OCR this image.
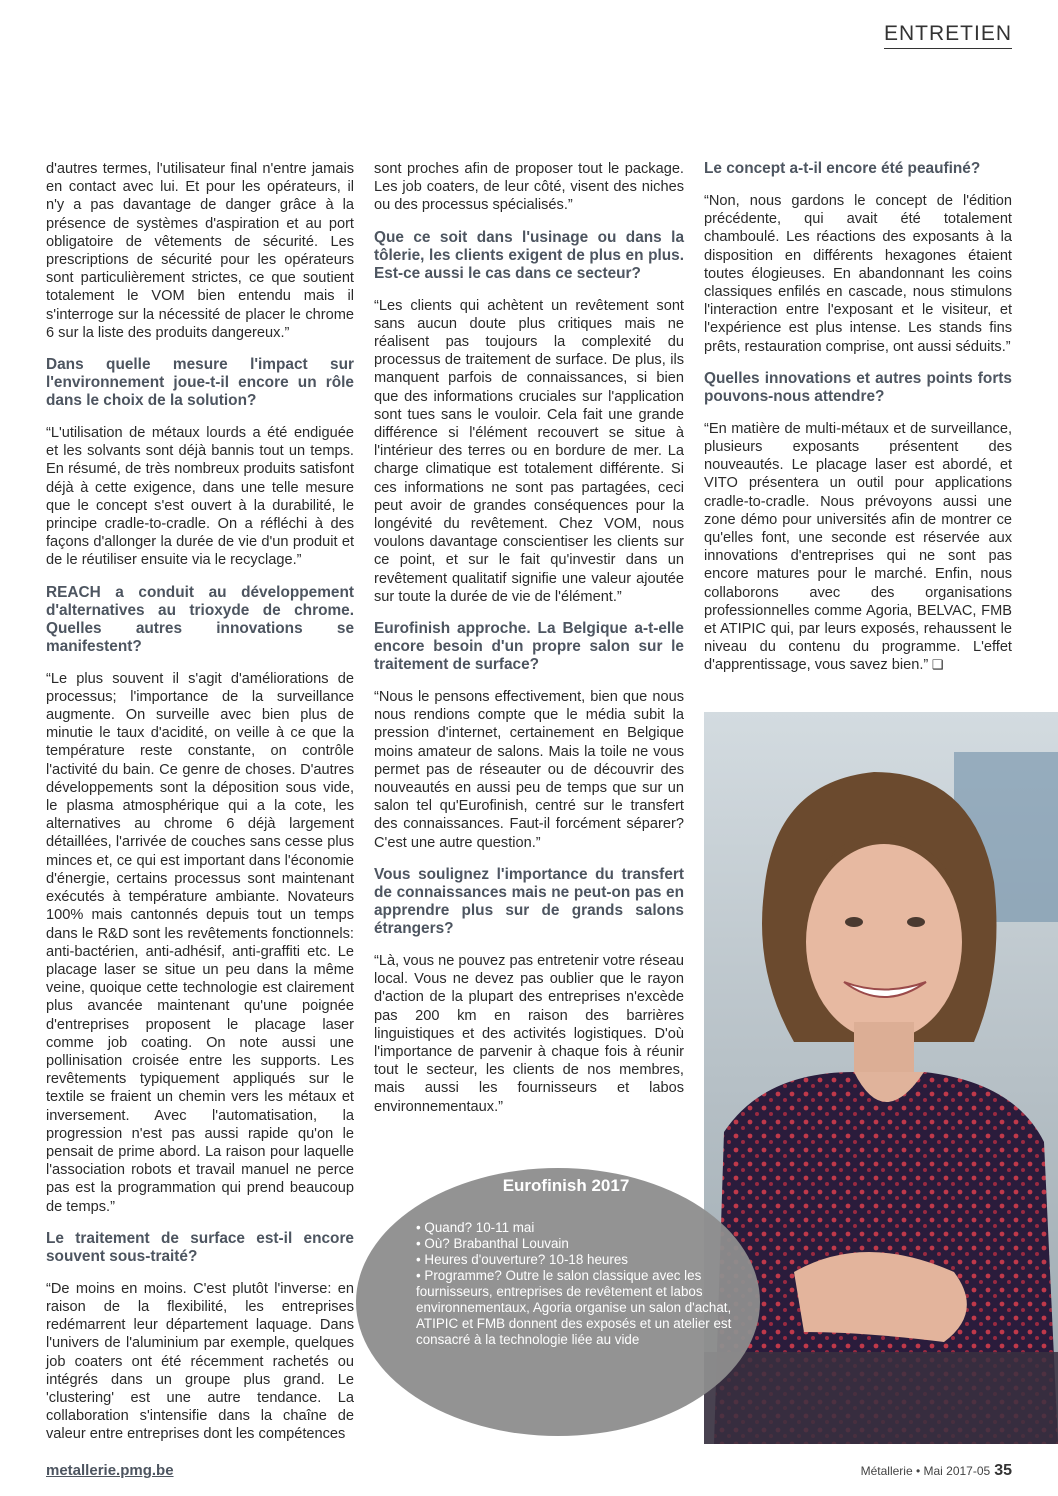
ENTRETIEN

d'autres termes, l'utilisateur final n'entre jamais en contact avec lui. Et pour les opérateurs, il n'y a pas davantage de danger grâce à la présence de systèmes d'aspiration et au port obligatoire de vêtements de sécurité. Les prescriptions de sécurité pour les opérateurs sont particulièrement strictes, ce que soutient totalement le VOM bien entendu mais il s'interroge sur la nécessité de placer le chrome 6 sur la liste des produits dangereux.”

Dans quelle mesure l'impact sur l'environnement joue-t-il encore un rôle dans le choix de la solution?

“L'utilisation de métaux lourds a été endiguée et les solvants sont déjà bannis tout un temps. En résumé, de très nombreux produits satisfont déjà à cette exigence, dans une telle mesure que le concept s'est ouvert à la durabilité, le principe cradle-to-cradle. On a réfléchi à des façons d'allonger la durée de vie d'un produit et de le réutiliser ensuite via le recyclage.”

REACH a conduit au développement d'alternatives au trioxyde de chrome. Quelles autres innovations se manifestent?

“Le plus souvent il s'agit d'améliorations de processus; l'importance de la surveillance augmente. On surveille avec bien plus de minutie le taux d'acidité, on veille à ce que la température reste constante, on contrôle l'activité du bain. Ce genre de choses. D'autres développements sont la déposition sous vide, le plasma atmosphérique qui a la cote, les alternatives au chrome 6 déjà largement détaillées, l'arrivée de couches sans cesse plus minces et, ce qui est important dans l'économie d'énergie, certains processus sont maintenant exécutés à température ambiante. Novateurs 100% mais cantonnés depuis tout un temps dans le R&D sont les revêtements fonctionnels: anti-bactérien, anti-adhésif, anti-graffiti etc. Le placage laser se situe un peu dans la même veine, quoique cette technologie est clairement plus avancée maintenant qu'une poignée d'entreprises proposent le placage laser comme job coating. On note aussi une pollinisation croisée entre les supports. Les revêtements typiquement appliqués sur le textile se fraient un chemin vers les métaux et inversement. Avec l'automatisation, la progression n'est pas aussi rapide qu'on le pensait de prime abord. La raison pour laquelle l'association robots et travail manuel ne perce pas est la programmation qui prend beaucoup de temps.”

Le traitement de surface est-il encore souvent sous-traité?

“De moins en moins. C'est plutôt l'inverse: en raison de la flexibilité, les entreprises redémarrent leur département laquage. Dans l'univers de l'aluminium par exemple, quelques job coaters ont été récemment rachetés ou intégrés dans un groupe plus grand. Le 'clustering' est une autre tendance. La collaboration s'intensifie dans la chaîne de valeur entre entreprises dont les compétences

sont proches afin de proposer tout le package. Les job coaters, de leur côté, visent des niches ou des processus spécialisés.”

Que ce soit dans l'usinage ou dans la tôlerie, les clients exigent de plus en plus. Est-ce aussi le cas dans ce secteur?

“Les clients qui achètent un revêtement sont sans aucun doute plus critiques mais ne réalisent pas toujours la complexité du processus de traitement de surface. De plus, ils manquent parfois de connaissances, si bien que des informations cruciales sur l'application sont tues sans le vouloir. Cela fait une grande différence si l'élément recouvert se situe à l'intérieur des terres ou en bordure de mer. La charge climatique est totalement différente. Si ces informations ne sont pas partagées, ceci peut avoir de grandes conséquences pour la longévité du revêtement. Chez VOM, nous voulons davantage conscientiser les clients sur ce point, et sur le fait qu'investir dans un revêtement qualitatif signifie une valeur ajoutée sur toute la durée de vie de l'élément.”

Eurofinish approche. La Belgique a-t-elle encore besoin d'un propre salon sur le traitement de surface?

“Nous le pensons effectivement, bien que nous nous rendions compte que le média subit la pression d'internet, certainement en Belgique moins amateur de salons. Mais la toile ne vous permet pas de réseauter ou de découvrir des nouveautés en aussi peu de temps que sur un salon tel qu'Eurofinish, centré sur le transfert des connaissances. Faut-il forcément séparer? C'est une autre question.”

Vous soulignez l'importance du transfert de connaissances mais ne peut-on pas en apprendre plus sur de grands salons étrangers?

“Là, vous ne pouvez pas entretenir votre réseau local. Vous ne devez pas oublier que le rayon d'action de la plupart des entreprises n'excède pas 200 km en raison des barrières linguistiques et des activités logistiques. D'où l'importance de parvenir à chaque fois à réunir tout le secteur, les clients de nos membres, mais aussi les fournisseurs et labos environnementaux.”

Le concept a-t-il encore été peaufiné?

“Non, nous gardons le concept de l'édition précédente, qui avait été totalement chamboulé. Les réactions des exposants à la disposition en différents hexagones étaient toutes élogieuses. En abandonnant les coins classiques enfilés en cascade, nous stimulons l'interaction entre l'exposant et le visiteur, et l'expérience est plus intense. Les stands fins prêts, restauration comprise, ont aussi séduits.”

Quelles innovations et autres points forts pouvons-nous attendre?

“En matière de multi-métaux et de surveillance, plusieurs exposants présentent des nouveautés. Le placage laser est abordé, et VITO présentera un outil pour applications cradle-to-cradle. Nous prévoyons aussi une zone démo pour universités afin de montrer ce qu'elles font, une seconde est réservée aux innovations d'entreprises qui ne sont pas encore matures pour le marché. Enfin, nous collaborons avec des organisations professionnelles comme Agoria, BELVAC, FMB et ATIPIC qui, par leurs exposés, rehaussent le niveau du contenu du programme. L'effet d'apprentissage, vous savez bien.” ❑

Eurofinish 2017
• Quand? 10-11 mai
• Où? Brabanthal Louvain
• Heures d'ouverture? 10-18 heures
• Programme? Outre le salon classique avec les fournisseurs, entreprises de revêtement et labos environnementaux, Agoria organise un salon d'achat, ATIPIC et FMB donnent des exposés et un atelier est consacré à la technologie liée au vide
metallerie.pmg.be	Métallerie • Mai 2017-05 35
